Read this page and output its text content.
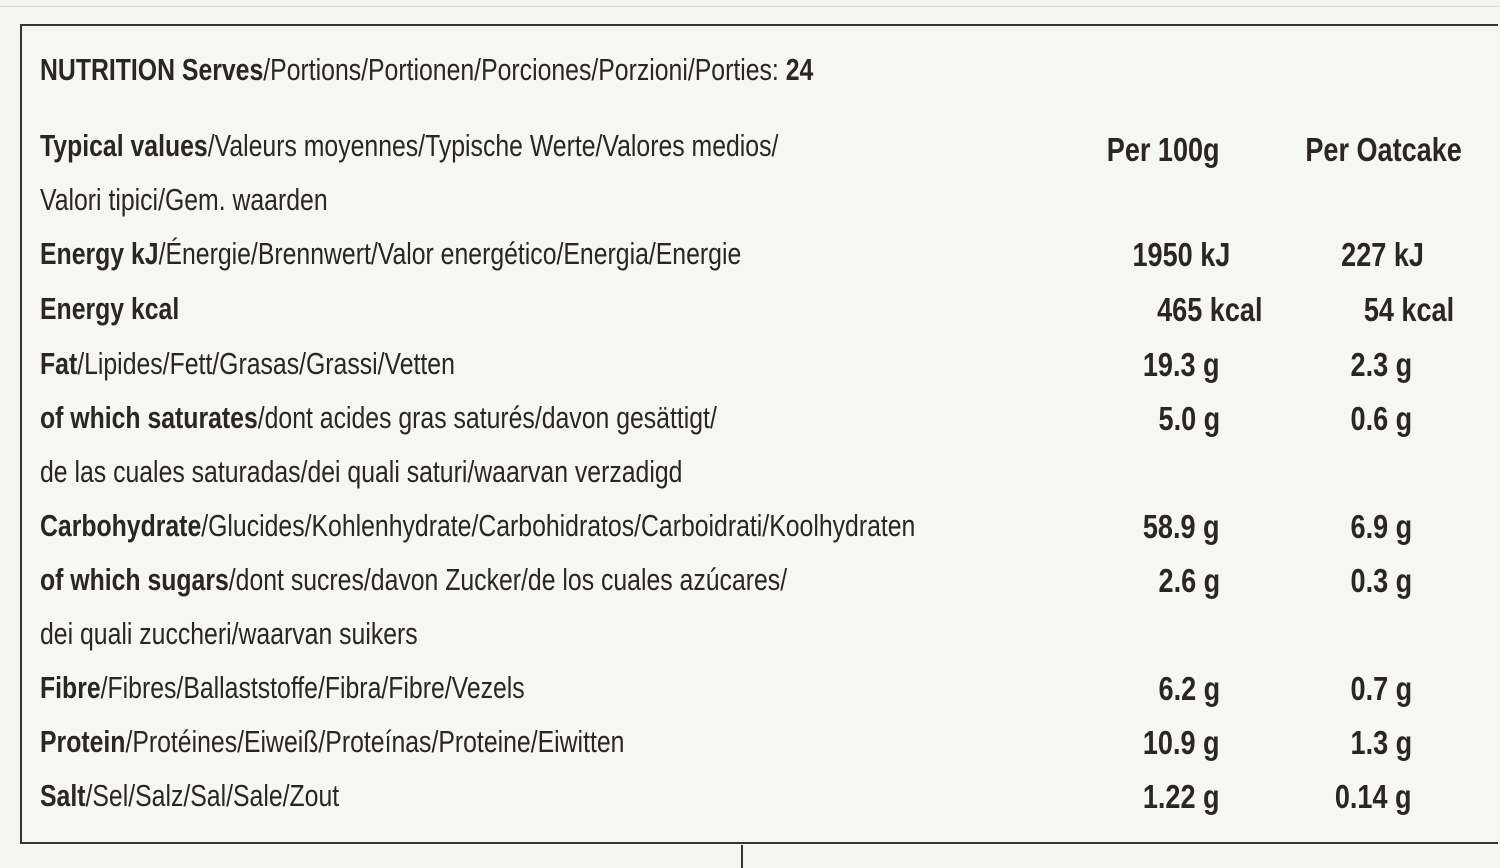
NUTRITION Serves/Portions/Portionen/Porciones/Porzioni/Porties: 24
Typical values/Valeurs moyennes/Typische Werte/Valores medios/
Valori tipici/Gem. waarden
Per 100g	Per Oatcake
Energy kJ/Énergie/Brennwert/Valor energético/Energia/Energie	1950 kJ	227 kJ
Energy kcal	465 kcal	54 kcal
Fat/Lipides/Fett/Grasas/Grassi/Vetten	19.3 g	2.3 g
of which saturates/dont acides gras saturés/davon gesättigt/
de las cuales saturadas/dei quali saturi/waarvan verzadigd
5.0 g	0.6 g
Carbohydrate/Glucides/Kohlenhydrate/Carbohidratos/Carboidrati/Koolhydraten	58.9 g	6.9 g
of which sugars/dont sucres/davon Zucker/de los cuales azúcares/
dei quali zuccheri/waarvan suikers
2.6 g	0.3 g
Fibre/Fibres/Ballaststoffe/Fibra/Fibre/Vezels	6.2 g	0.7 g
Protein/Protéines/Eiweiß/Proteínas/Proteine/Eiwitten	10.9 g	1.3 g
Salt/Sel/Salz/Sal/Sale/Zout	1.22 g	0.14 g
